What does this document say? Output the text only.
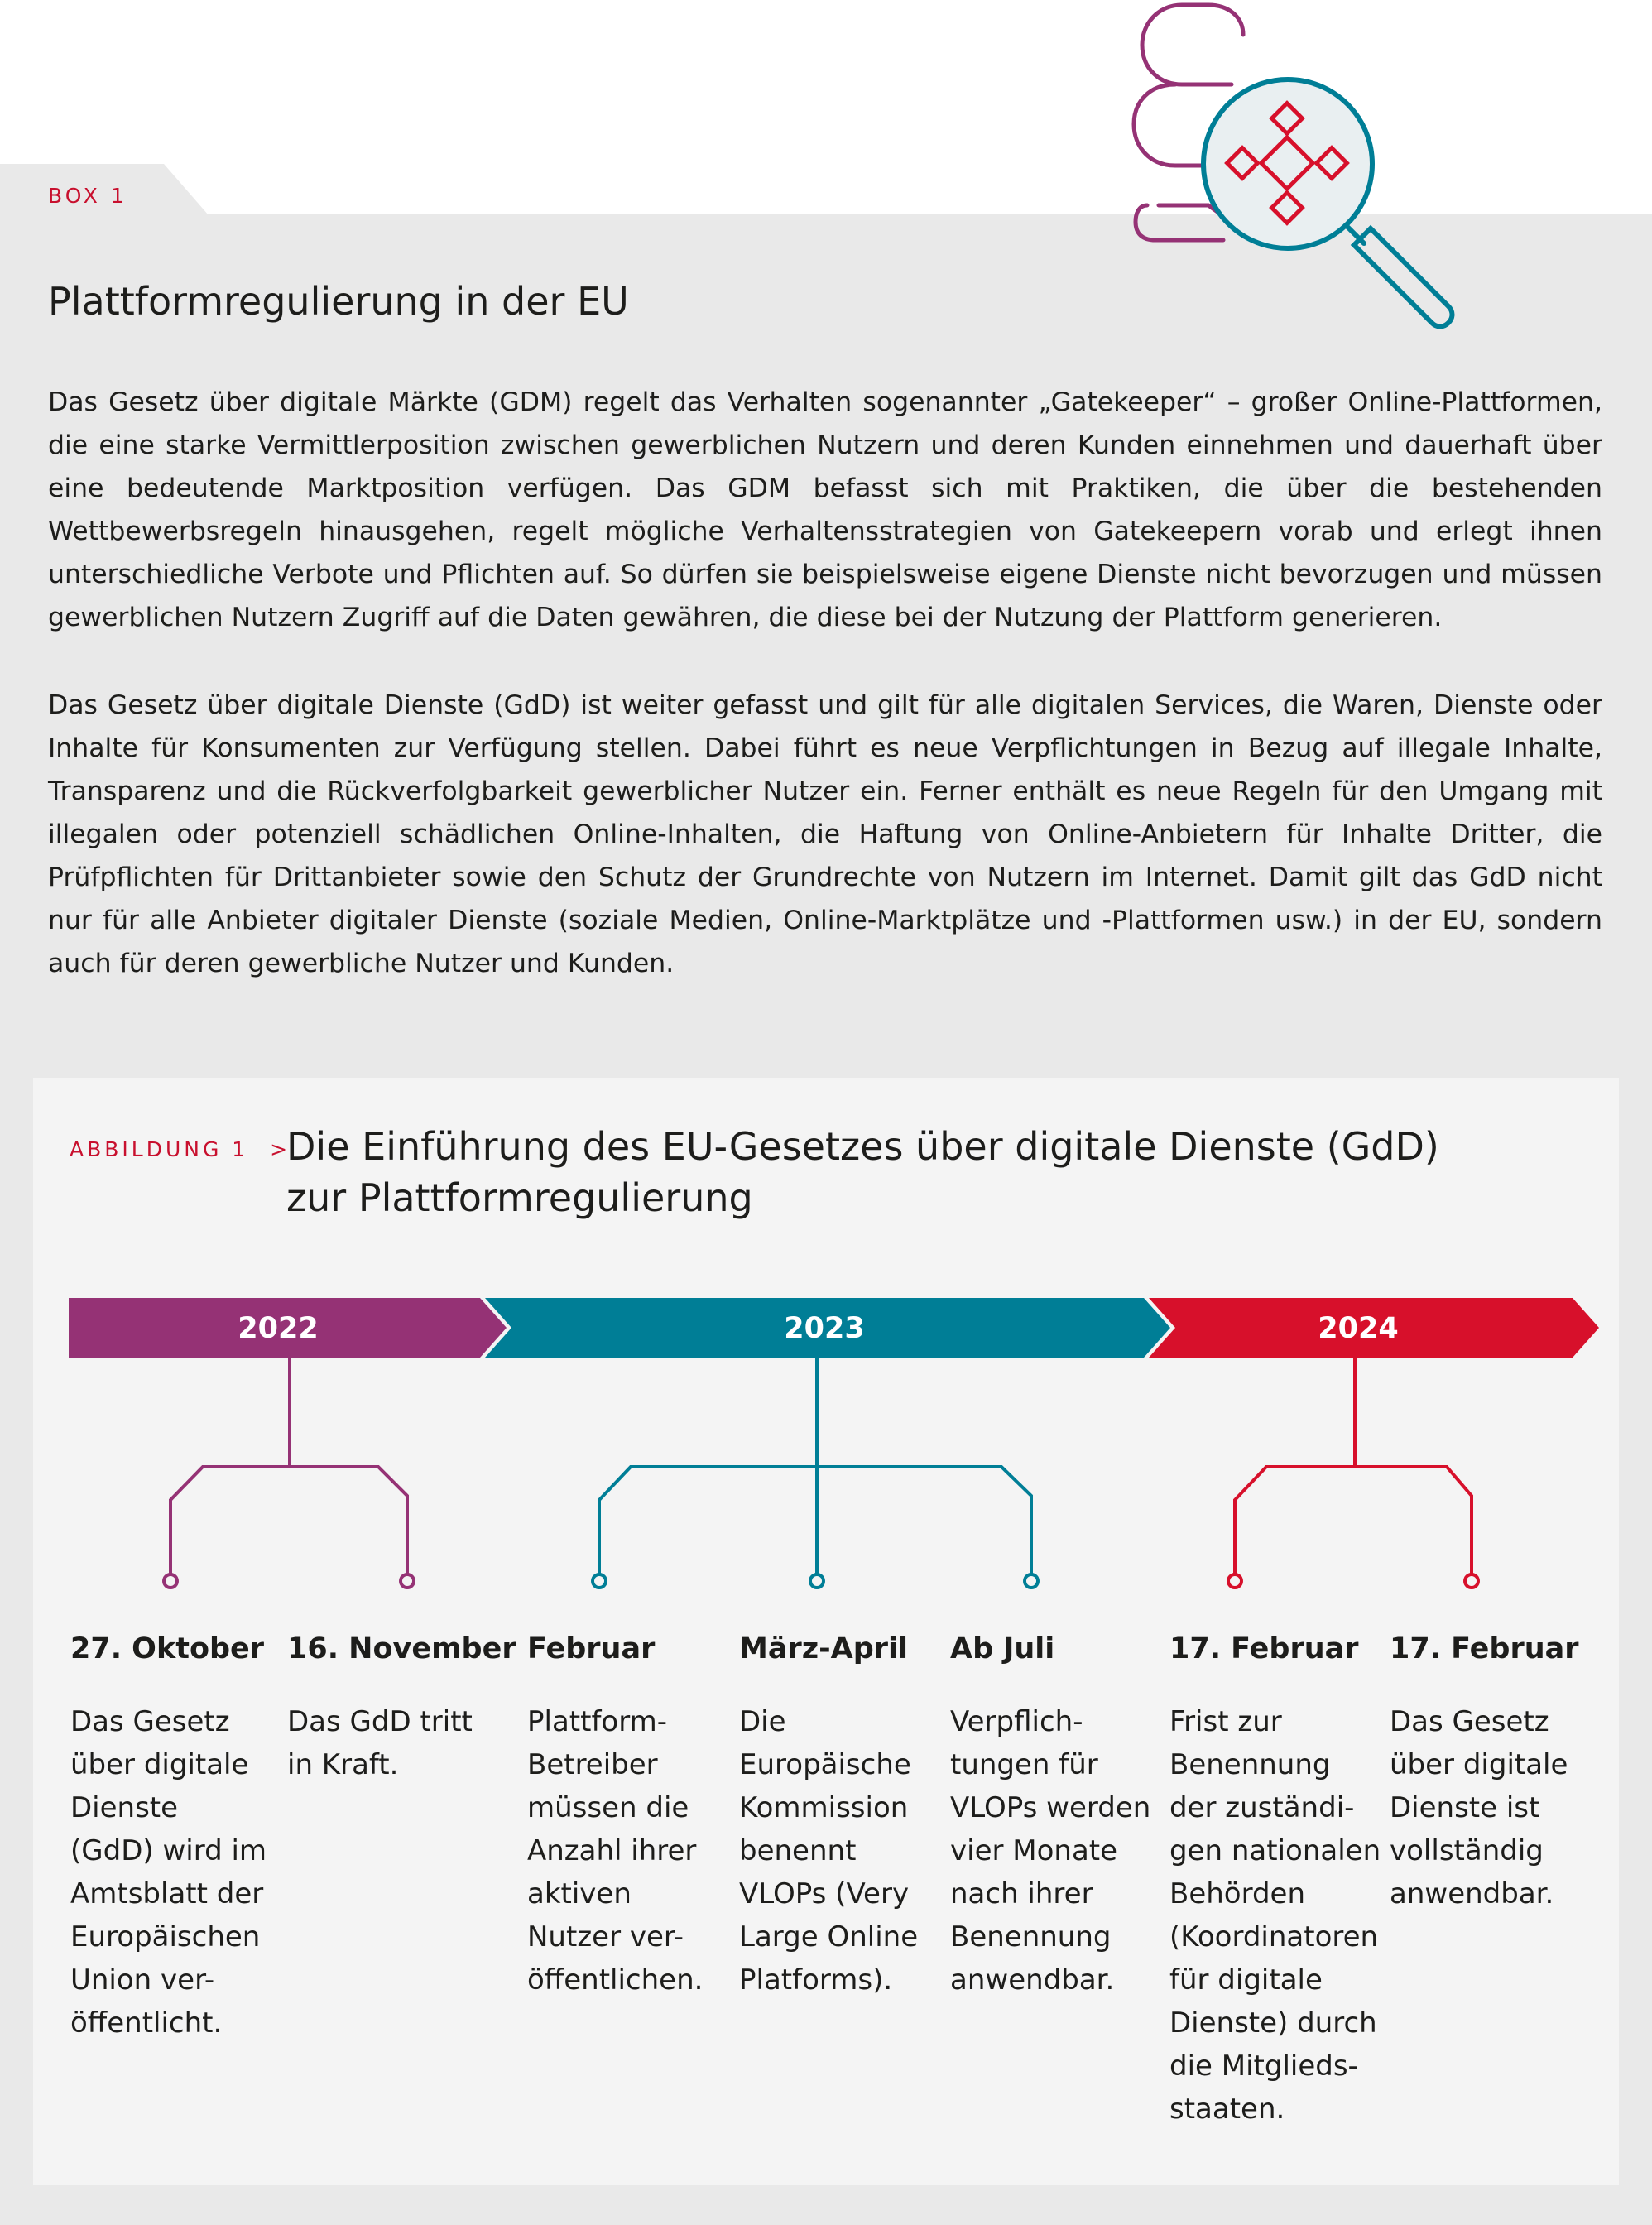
BOX 1
Plattformregulierung in der EU

Das Gesetz über digitale Märkte (GDM) regelt das Verhalten sogenannter „Gatekeeper“ – großer Online-Plattformen, die eine starke Vermittlerposition zwischen gewerblichen Nutzern und deren Kunden einnehmen und dauerhaft über eine bedeutende Marktposition verfügen. Das GDM befasst sich mit Praktiken, die über die bestehenden Wettbewerbsregeln hinausgehen, regelt mögliche Verhaltensstrategien von Gatekeepern vorab und erlegt ihnen unterschiedliche Verbote und Pflichten auf. So dürfen sie beispielsweise eigene Dienste nicht bevorzugen und müssen gewerblichen Nutzern Zugriff auf die Daten gewähren, die diese bei der Nutzung der Plattform generieren.

Das Gesetz über digitale Dienste (GdD) ist weiter gefasst und gilt für alle digitalen Services, die Waren, Dienste oder Inhalte für Konsumenten zur Verfügung stellen. Dabei führt es neue Verpflichtungen in Bezug auf illegale Inhalte, Transparenz und die Rückverfolgbarkeit gewerblicher Nutzer ein. Ferner enthält es neue Regeln für den Umgang mit illegalen oder potenziell schädlichen Online-Inhalten, die Haftung von Online-Anbietern für Inhalte Dritter, die Prüfpflichten für Drittanbieter sowie den Schutz der Grundrechte von Nutzern im Internet. Damit gilt das GdD nicht nur für alle Anbieter digitaler Dienste (soziale Medien, Online-Marktplätze und -Plattformen usw.) in der EU, sondern auch für deren gewerbliche Nutzer und Kunden.

ABBILDUNG 1 >
Die Einführung des EU-Gesetzes über digitale Dienste (GdD) zur Plattformregulierung
2022	2023	2024

27. Oktober

Das Gesetz
über digitale
Dienste
(GdD) wird im
Amtsblatt der
Europäischen
Union ver-
öffentlicht.

16. November

Das GdD tritt
in Kraft.

Februar

Plattform-
Betreiber
müssen die
Anzahl ihrer
aktiven
Nutzer ver-
öffentlichen.

März-April

Die
Europäische
Kommission
benennt
VLOPs (Very
Large Online
Platforms).

Ab Juli

Verpflich-
tungen für
VLOPs werden
vier Monate
nach ihrer
Benennung
anwendbar.

17. Februar

Frist zur
Benennung
der zuständi-
gen nationalen
Behörden
(Koordinatoren
für digitale
Dienste) durch
die Mitglieds-
staaten.

17. Februar

Das Gesetz
über digitale
Dienste ist
vollständig
anwendbar.
